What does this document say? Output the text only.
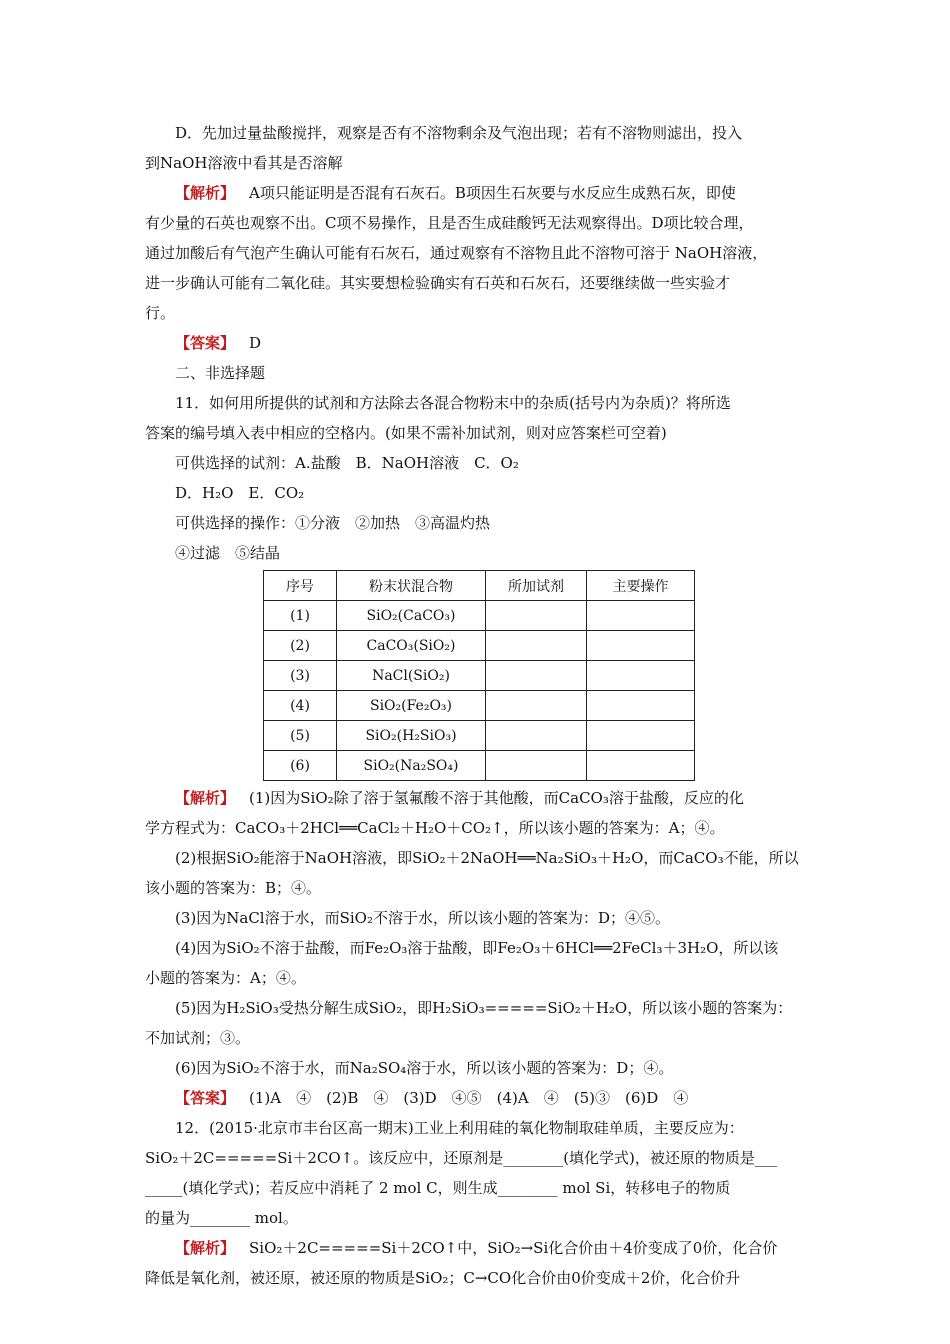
D．先加过量盐酸搅拌，观察是否有不溶物剩余及气泡出现；若有不溶物则滤出，投入

到NaOH溶液中看其是否溶解

【解析】 A项只能证明是否混有石灰石。B项因生石灰要与水反应生成熟石灰，即使

有少量的石英也观察不出。C项不易操作，且是否生成硅酸钙无法观察得出。D项比较合理，

通过加酸后有气泡产生确认可能有石灰石，通过观察有不溶物且此不溶物可溶于 NaOH溶液，

进一步确认可能有二氧化硅。其实要想检验确实有石英和石灰石，还要继续做一些实验才

行。

【答案】 D

二、非选择题

11．如何用所提供的试剂和方法除去各混合物粉末中的杂质(括号内为杂质)？将所选

答案的编号填入表中相应的空格内。(如果不需补加试剂，则对应答案栏可空着)

可供选择的试剂：A.盐酸　B．NaOH溶液　C．O₂

D．H₂O　E．CO₂

可供选择的操作：①分液　②加热　③高温灼热

④过滤　⑤结晶

序号	粉末状混合物	所加试剂	主要操作
(1)	SiO₂(CaCO₃)		
(2)	CaCO₃(SiO₂)		
(3)	NaCl(SiO₂)		
(4)	SiO₂(Fe₂O₃)		
(5)	SiO₂(H₂SiO₃)		
(6)	SiO₂(Na₂SO₄)		

【解析】 (1)因为SiO₂除了溶于氢氟酸不溶于其他酸，而CaCO₃溶于盐酸，反应的化

学方程式为：CaCO₃＋2HCl══CaCl₂＋H₂O＋CO₂↑，所以该小题的答案为：A；④。

(2)根据SiO₂能溶于NaOH溶液，即SiO₂＋2NaOH══Na₂SiO₃＋H₂O，而CaCO₃不能，所以

该小题的答案为：B；④。

(3)因为NaCl溶于水，而SiO₂不溶于水，所以该小题的答案为：D；④⑤。

(4)因为SiO₂不溶于盐酸，而Fe₂O₃溶于盐酸，即Fe₂O₃＋6HCl══2FeCl₃＋3H₂O，所以该

小题的答案为：A；④。

(5)因为H₂SiO₃受热分解生成SiO₂，即H₂SiO₃=====SiO₂＋H₂O，所以该小题的答案为：

不加试剂；③。

(6)因为SiO₂不溶于水，而Na₂SO₄溶于水，所以该小题的答案为：D；④。

【答案】 (1)A　④　(2)B　④　(3)D　④⑤　(4)A　④　(5)③　(6)D　④

12．(2015·北京市丰台区高一期末)工业上利用硅的氧化物制取硅单质，主要反应为：

SiO₂＋2C=====Si＋2CO↑。该反应中，还原剂是________(填化学式)，被还原的物质是___

_____(填化学式)；若反应中消耗了 2 mol C，则生成________ mol Si，转移电子的物质

的量为________ mol。

【解析】 SiO₂＋2C=====Si＋2CO↑中，SiO₂→Si化合价由＋4价变成了0价，化合价

降低是氧化剂，被还原，被还原的物质是SiO₂；C→CO化合价由0价变成＋2价，化合价升
